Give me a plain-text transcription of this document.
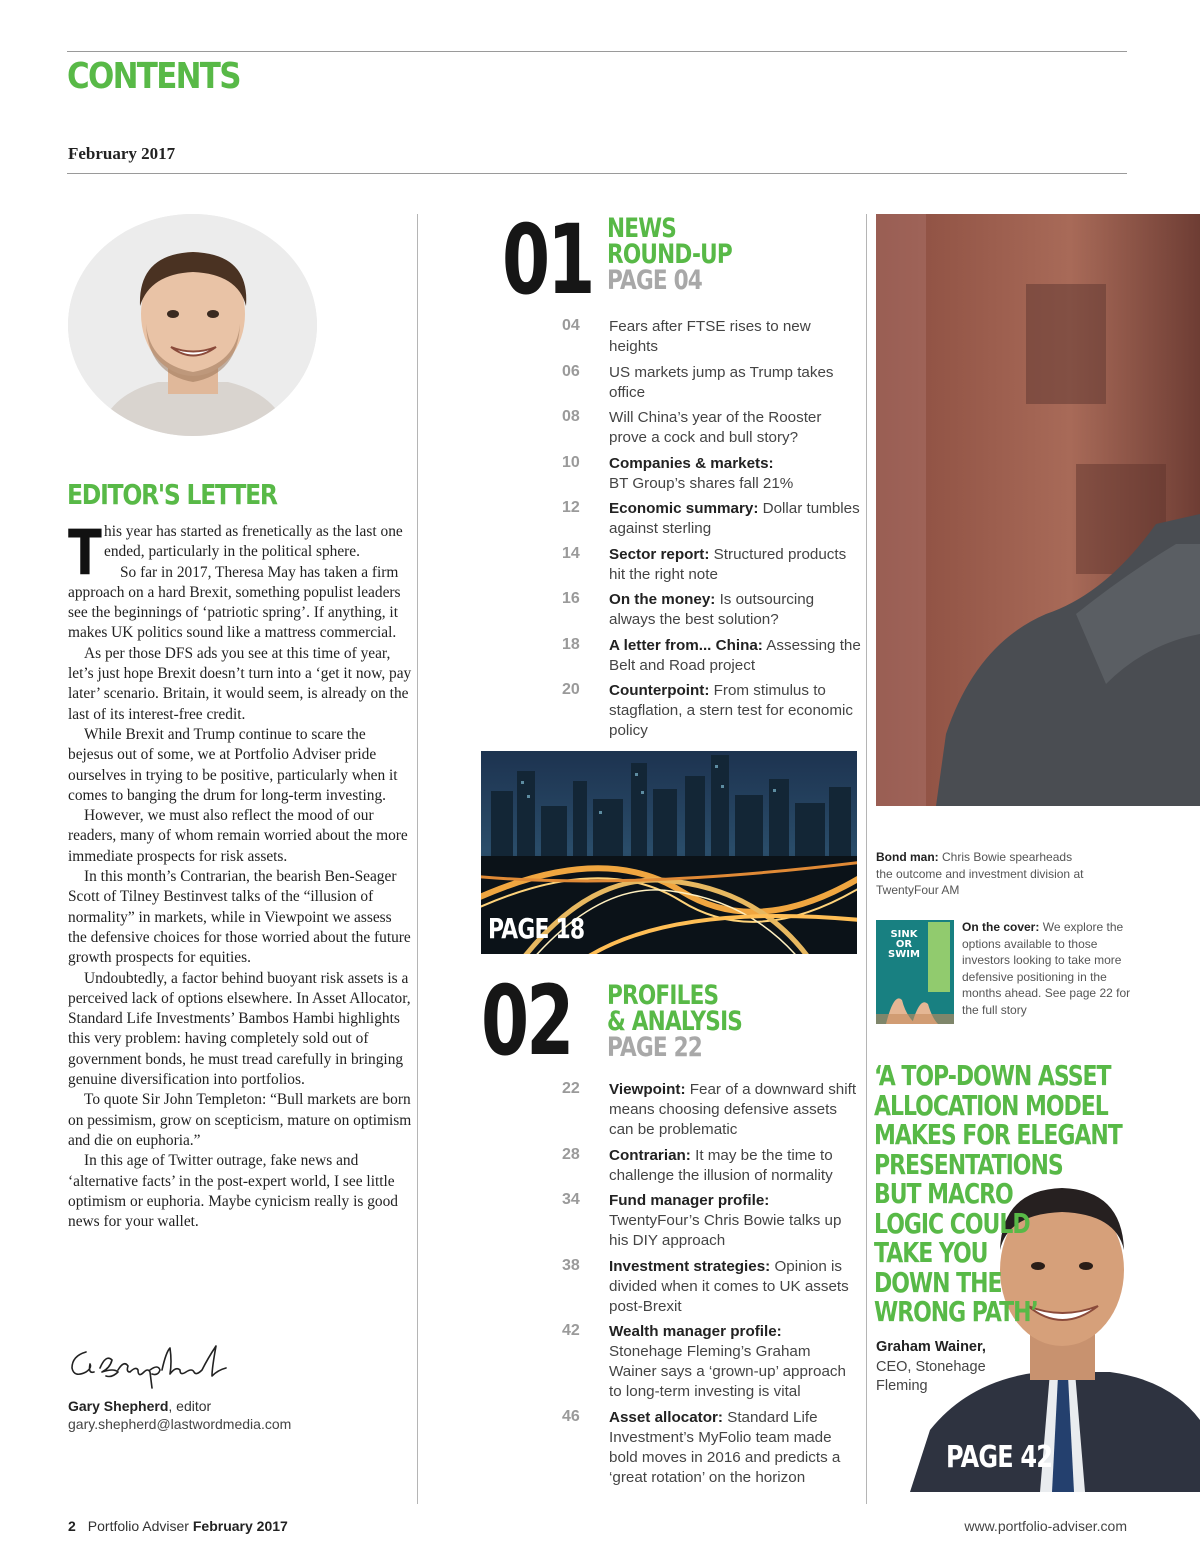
CONTENTS
February 2017
EDITOR'S LETTER

This year has started as frenetically as the last one ended, particularly in the political sphere.

So far in 2017, Theresa May has taken a firm approach on a hard Brexit, something populist leaders see the beginnings of ‘patriotic spring’. If anything, it makes UK politics sound like a mattress commercial.

As per those DFS ads you see at this time of year, let’s just hope Brexit doesn’t turn into a ‘get it now, pay later’ scenario. Britain, it would seem, is already on the last of its interest-free credit.

While Brexit and Trump continue to scare the bejesus out of some, we at Portfolio Adviser pride ourselves in trying to be positive, particularly when it comes to banging the drum for long-term investing.

However, we must also reflect the mood of our readers, many of whom remain worried about the more immediate prospects for risk assets.

In this month’s Contrarian, the bearish Ben-Seager Scott of Tilney Bestinvest talks of the “illusion of normality” in markets, while in Viewpoint we assess the defensive choices for those worried about the future growth prospects for equities.

Undoubtedly, a factor behind buoyant risk assets is a perceived lack of options elsewhere. In Asset Allocator, Standard Life Investments’ Bambos Hambi highlights this very problem: having completely sold out of government bonds, he must tread carefully in bringing genuine diversification into portfolios.

To quote Sir John Templeton: “Bull markets are born on pessimism, grow on scepticism, mature on optimism and die on euphoria.”

In this age of Twitter outrage, fake news and ‘alternative facts’ in the post-expert world, I see little optimism or euphoria. Maybe cynicism really is good news for your wallet.

Gary Shepherd, editor
gary.shepherd@lastwordmedia.com
01 NEWS
ROUND-UP
PAGE 04
04	Fears after FTSE rises to new heights
06	US markets jump as Trump takes office
08	Will China’s year of the Rooster prove a cock and bull story?
10	Companies & markets:
BT Group’s shares fall 21%
12	Economic summary: Dollar tumbles against sterling
14	Sector report: Structured products hit the right note
16	On the money: Is outsourcing always the best solution?
18	A letter from... China: Assessing the Belt and Road project
20	Counterpoint: From stimulus to stagflation, a stern test for economic policy
PAGE 18
02 PROFILES
& ANALYSIS
PAGE 22
22	Viewpoint: Fear of a downward shift means choosing defensive assets can be problematic
28	Contrarian: It may be the time to challenge the illusion of normality
34	Fund manager profile:
TwentyFour’s Chris Bowie talks up his DIY approach
38	Investment strategies: Opinion is divided when it comes to UK assets post-Brexit
42	Wealth manager profile:
Stonehage Fleming’s Graham Wainer says a ‘grown-up’ approach to long-term investing is vital
46	Asset allocator: Standard Life Investment’s MyFolio team made bold moves in 2016 and predicts a ‘great rotation’ on the horizon
Bond man: Chris Bowie spearheads the outcome and investment division at TwentyFour AM
SINK
OR
SWIM
On the cover: We explore the options available to those investors looking to take more defensive positioning in the months ahead. See page 22 for the full story
‘A TOP-DOWN ASSET
ALLOCATION MODEL
MAKES FOR ELEGANT
PRESENTATIONS
BUT MACRO
LOGIC COULD
TAKE YOU
DOWN THE
WRONG PATH’
Graham Wainer,
CEO, Stonehage Fleming
PAGE 42
2 Portfolio Adviser February 2017	www.portfolio-adviser.com
